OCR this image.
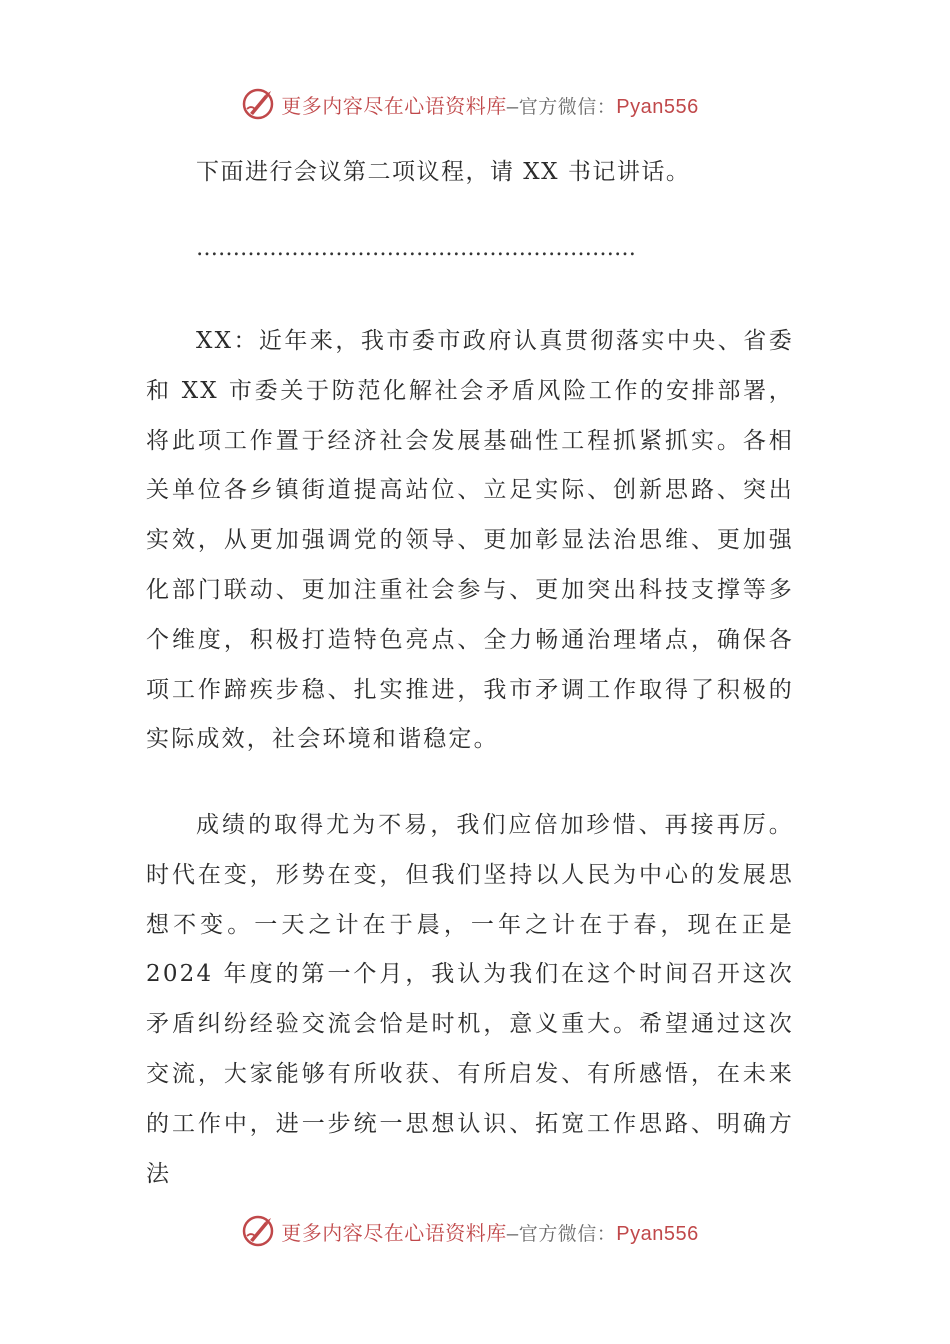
更多内容尽在心语资料库—官方微信：Pyan556
下面进行会议第二项议程，请 XX 书记讲话。
……………………………………………………

XX：近年来，我市委市政府认真贯彻落实中央、省委和 XX 市委关于防范化解社会矛盾风险工作的安排部署，将此项工作置于经济社会发展基础性工程抓紧抓实。各相关单位各乡镇街道提高站位、立足实际、创新思路、突出实效，从更加强调党的领导、更加彰显法治思维、更加强化部门联动、更加注重社会参与、更加突出科技支撑等多个维度，积极打造特色亮点、全力畅通治理堵点，确保各项工作蹄疾步稳、扎实推进，我市矛调工作取得了积极的实际成效，社会环境和谐稳定。

成绩的取得尤为不易，我们应倍加珍惜、再接再厉。时代在变，形势在变，但我们坚持以人民为中心的发展思想不变。一天之计在于晨，一年之计在于春，现在正是 2024 年度的第一个月，我认为我们在这个时间召开这次矛盾纠纷经验交流会恰是时机，意义重大。希望通过这次交流，大家能够有所收获、有所启发、有所感悟，在未来的工作中，进一步统一思想认识、拓宽工作思路、明确方法

更多内容尽在心语资料库—官方微信：Pyan556
